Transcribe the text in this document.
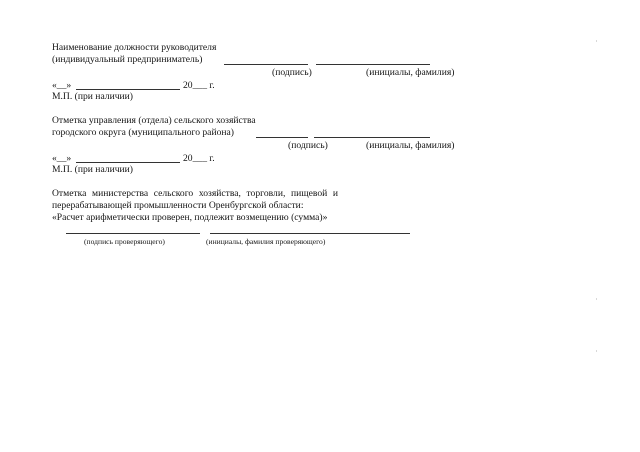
Наименование должности руководителя
(индивидуальный предприниматель)
(подпись)	(инициалы, фамилия)
«__»	20___ г.
М.П. (при наличии)
Отметка управления (отдела) сельского хозяйства
городского округа (муниципального района)
(подпись)	(инициалы, фамилия)
«__»	20___ г.
М.П. (при наличии)
Отметка министерства сельского хозяйства, торговли, пищевой и
перерабатывающей промышленности Оренбургской области:
«Расчет арифметически проверен, подлежит возмещению (сумма)»
(подпись проверяющего)	(инициалы, фамилия проверяющего)
